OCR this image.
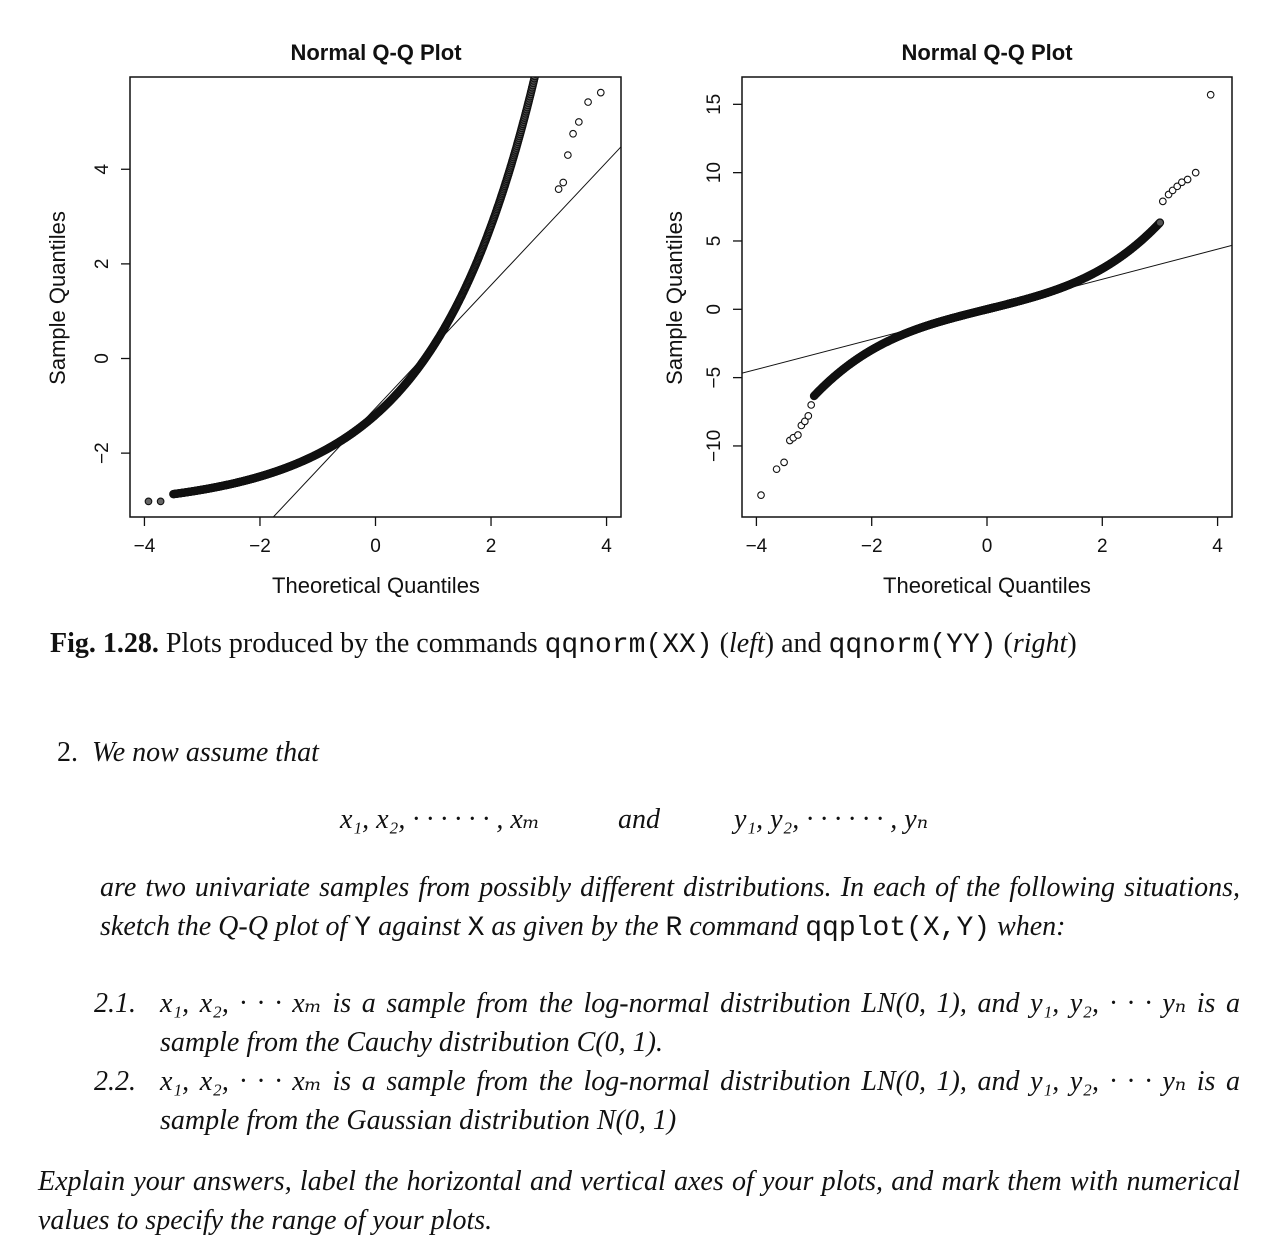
Normal Q-Q Plot
Theoretical Quantiles
Sample Quantiles
−4	−2	0	2	4
−2
0
2
4
Normal Q-Q Plot
Theoretical Quantiles
Sample Quantiles
−4	−2	0	2	4
−10
−5
0
5
10
15
Fig. 1.28. Plots produced by the commands qqnorm(XX) (left) and qqnorm(YY) (right)
2. We now assume that
x₁, x₂, · · · · · · , xₘ	and	y₁, y₂, · · · · · · , yₙ
are two univariate samples from possibly different distributions. In each of the following situations, sketch the Q-Q plot of Y against X as given by the R command qqplot(X,Y) when:
2.1. x₁, x₂, · · · xₘ is a sample from the log-normal distribution LN(0, 1), and y₁, y₂, · · · yₙ is a sample from the Cauchy distribution C(0, 1).
2.2. x₁, x₂, · · · xₘ is a sample from the log-normal distribution LN(0, 1), and y₁, y₂, · · · yₙ is a sample from the Gaussian distribution N(0, 1)
Explain your answers, label the horizontal and vertical axes of your plots, and mark them with numerical values to specify the range of your plots.
